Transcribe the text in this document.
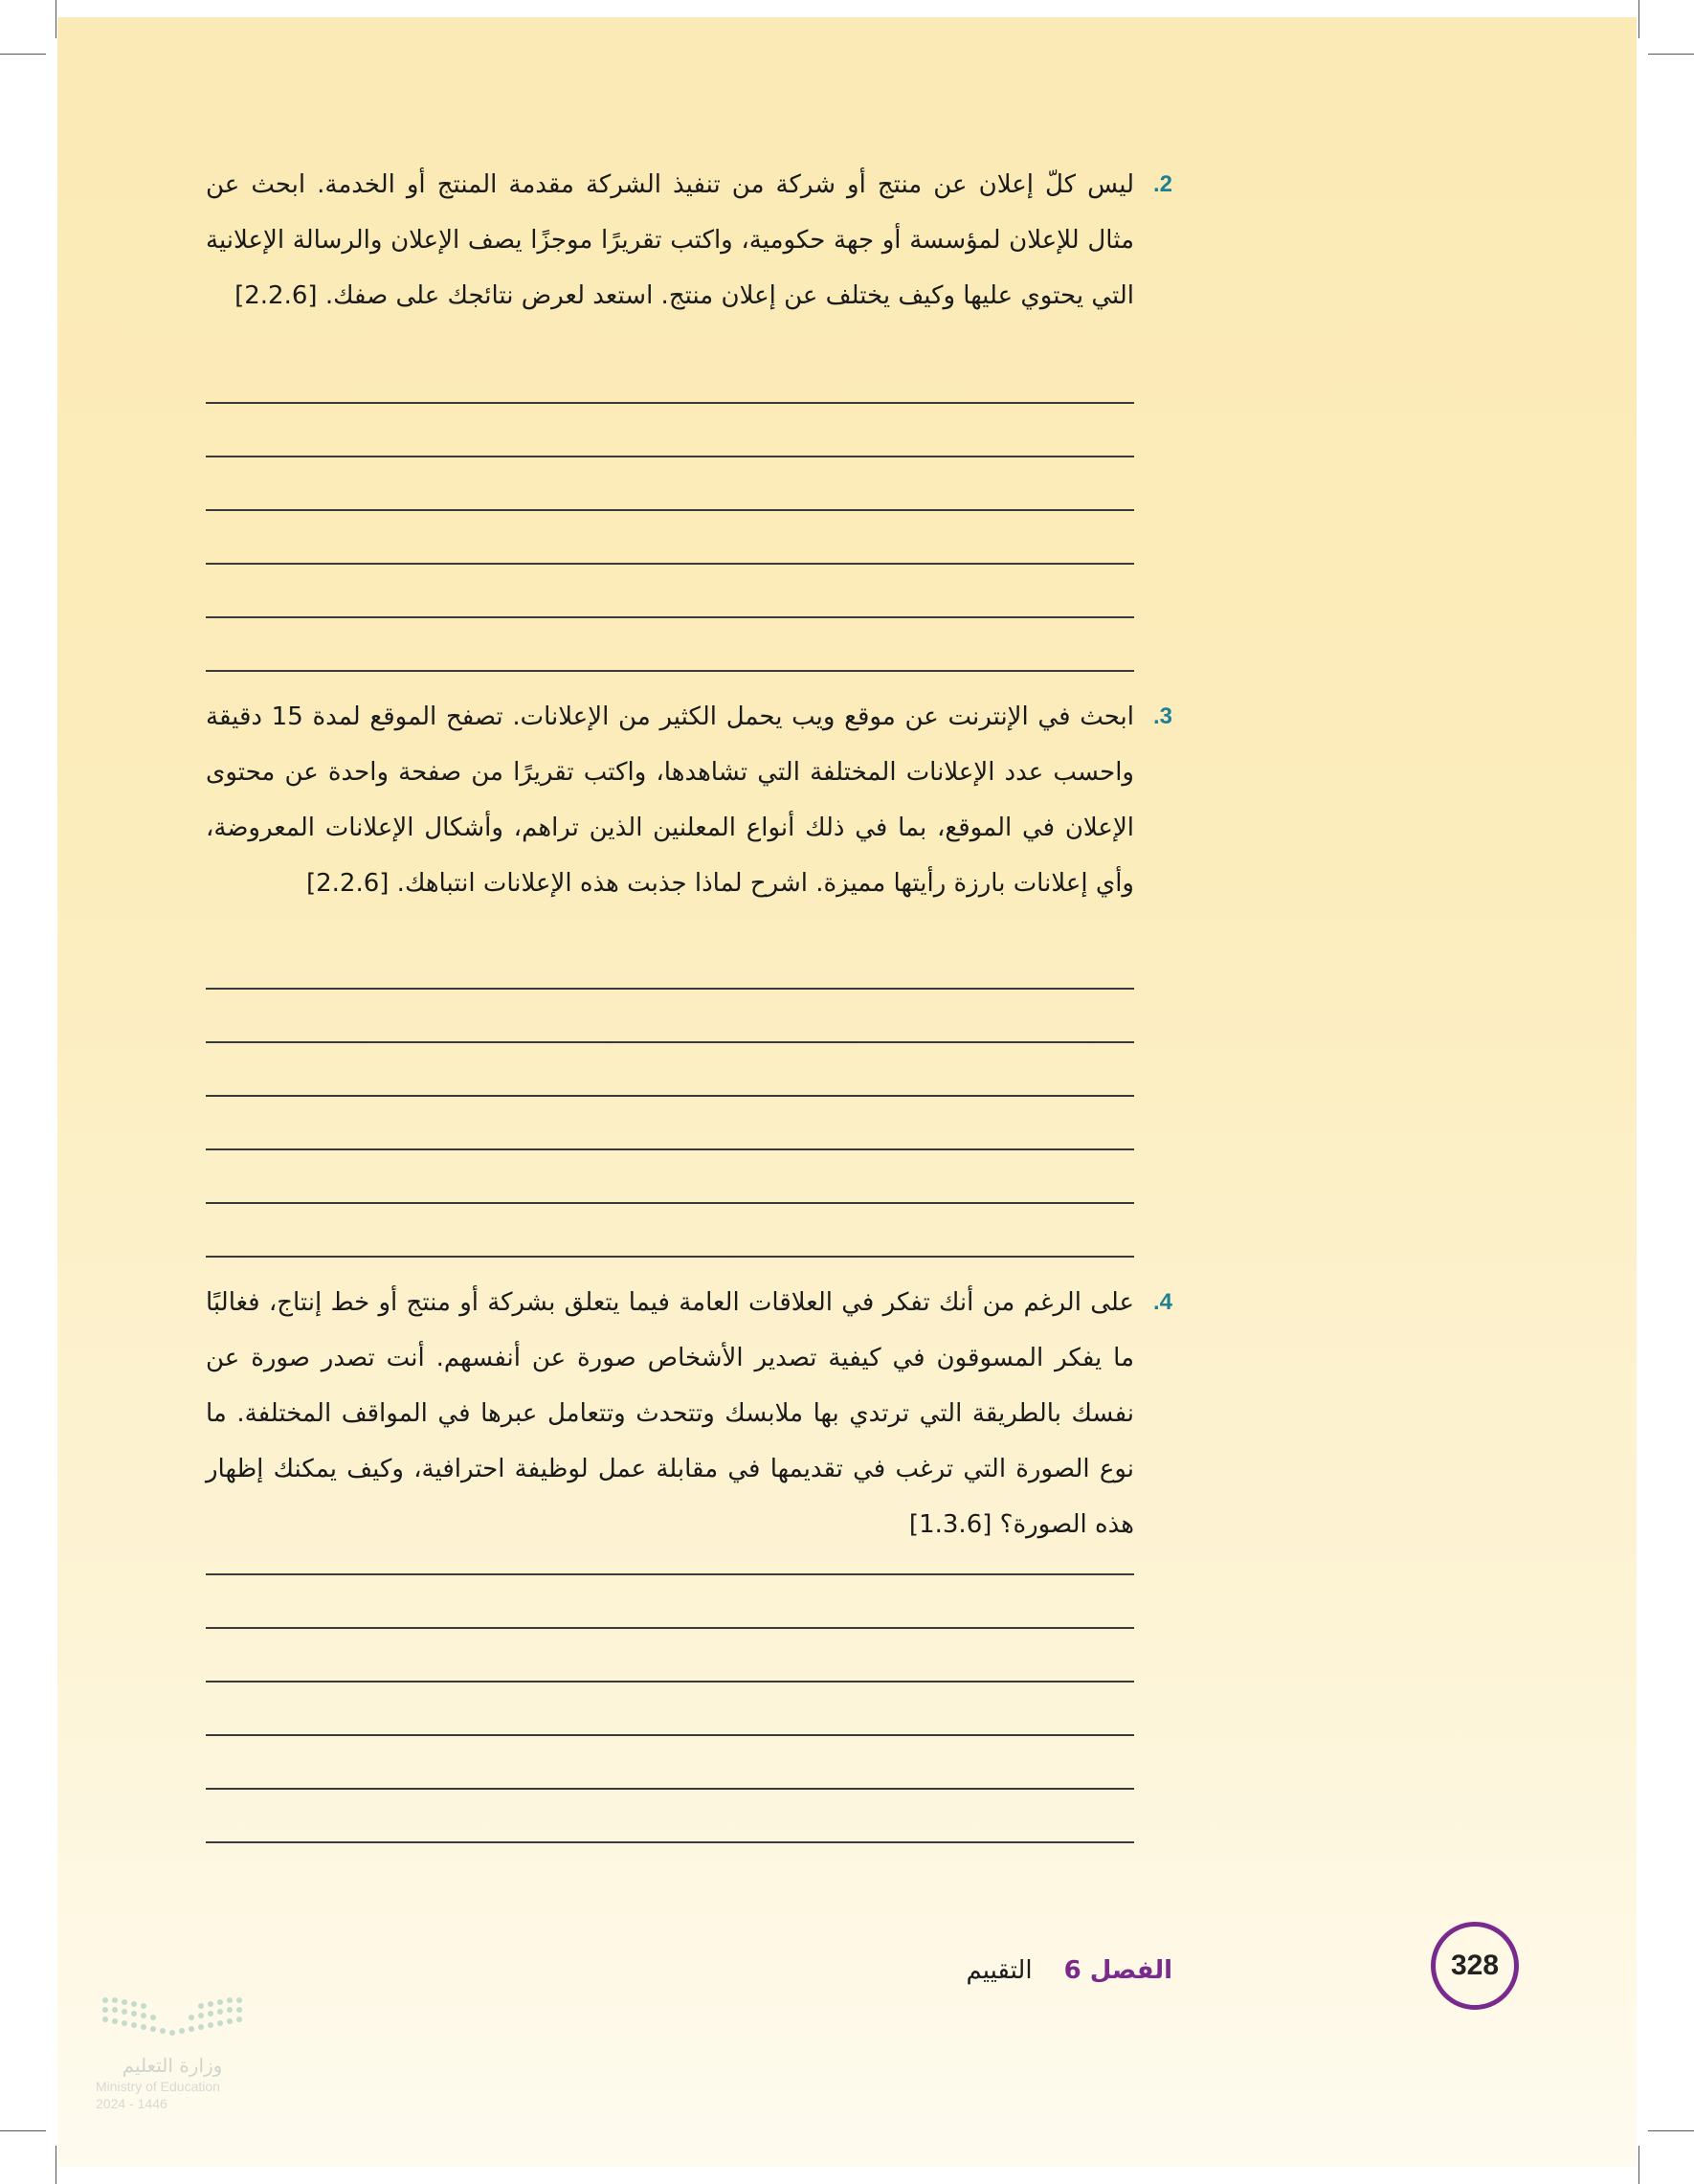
.2
ليس كلّ إعلان عن منتج أو شركة من تنفيذ الشركة مقدمة المنتج أو الخدمة. ابحث عن مثال للإعلان لمؤسسة أو جهة حكومية، واكتب تقريرًا موجزًا يصف الإعلان والرسالة الإعلانية التي يحتوي عليها وكيف يختلف عن إعلان منتج. استعد لعرض نتائجك على صفك. [2.2.6]
.3
ابحث في الإنترنت عن موقع ويب يحمل الكثير من الإعلانات. تصفح الموقع لمدة 15 دقيقة واحسب عدد الإعلانات المختلفة التي تشاهدها، واكتب تقريرًا من صفحة واحدة عن محتوى الإعلان في الموقع، بما في ذلك أنواع المعلنين الذين تراهم، وأشكال الإعلانات المعروضة، وأي إعلانات بارزة رأيتها مميزة. اشرح لماذا جذبت هذه الإعلانات انتباهك. [2.2.6]
.4
على الرغم من أنك تفكر في العلاقات العامة فيما يتعلق بشركة أو منتج أو خط إنتاج، فغالبًا ما يفكر المسوقون في كيفية تصدير الأشخاص صورة عن أنفسهم. أنت تصدر صورة عن نفسك بالطريقة التي ترتدي بها ملابسك وتتحدث وتتعامل عبرها في المواقف المختلفة. ما نوع الصورة التي ترغب في تقديمها في مقابلة عمل لوظيفة احترافية، وكيف يمكنك إظهار هذه الصورة؟ [1.3.6]
الفصل 6    التقييم	328
وزارة التعليم
Ministry of Education
2024 - 1446
